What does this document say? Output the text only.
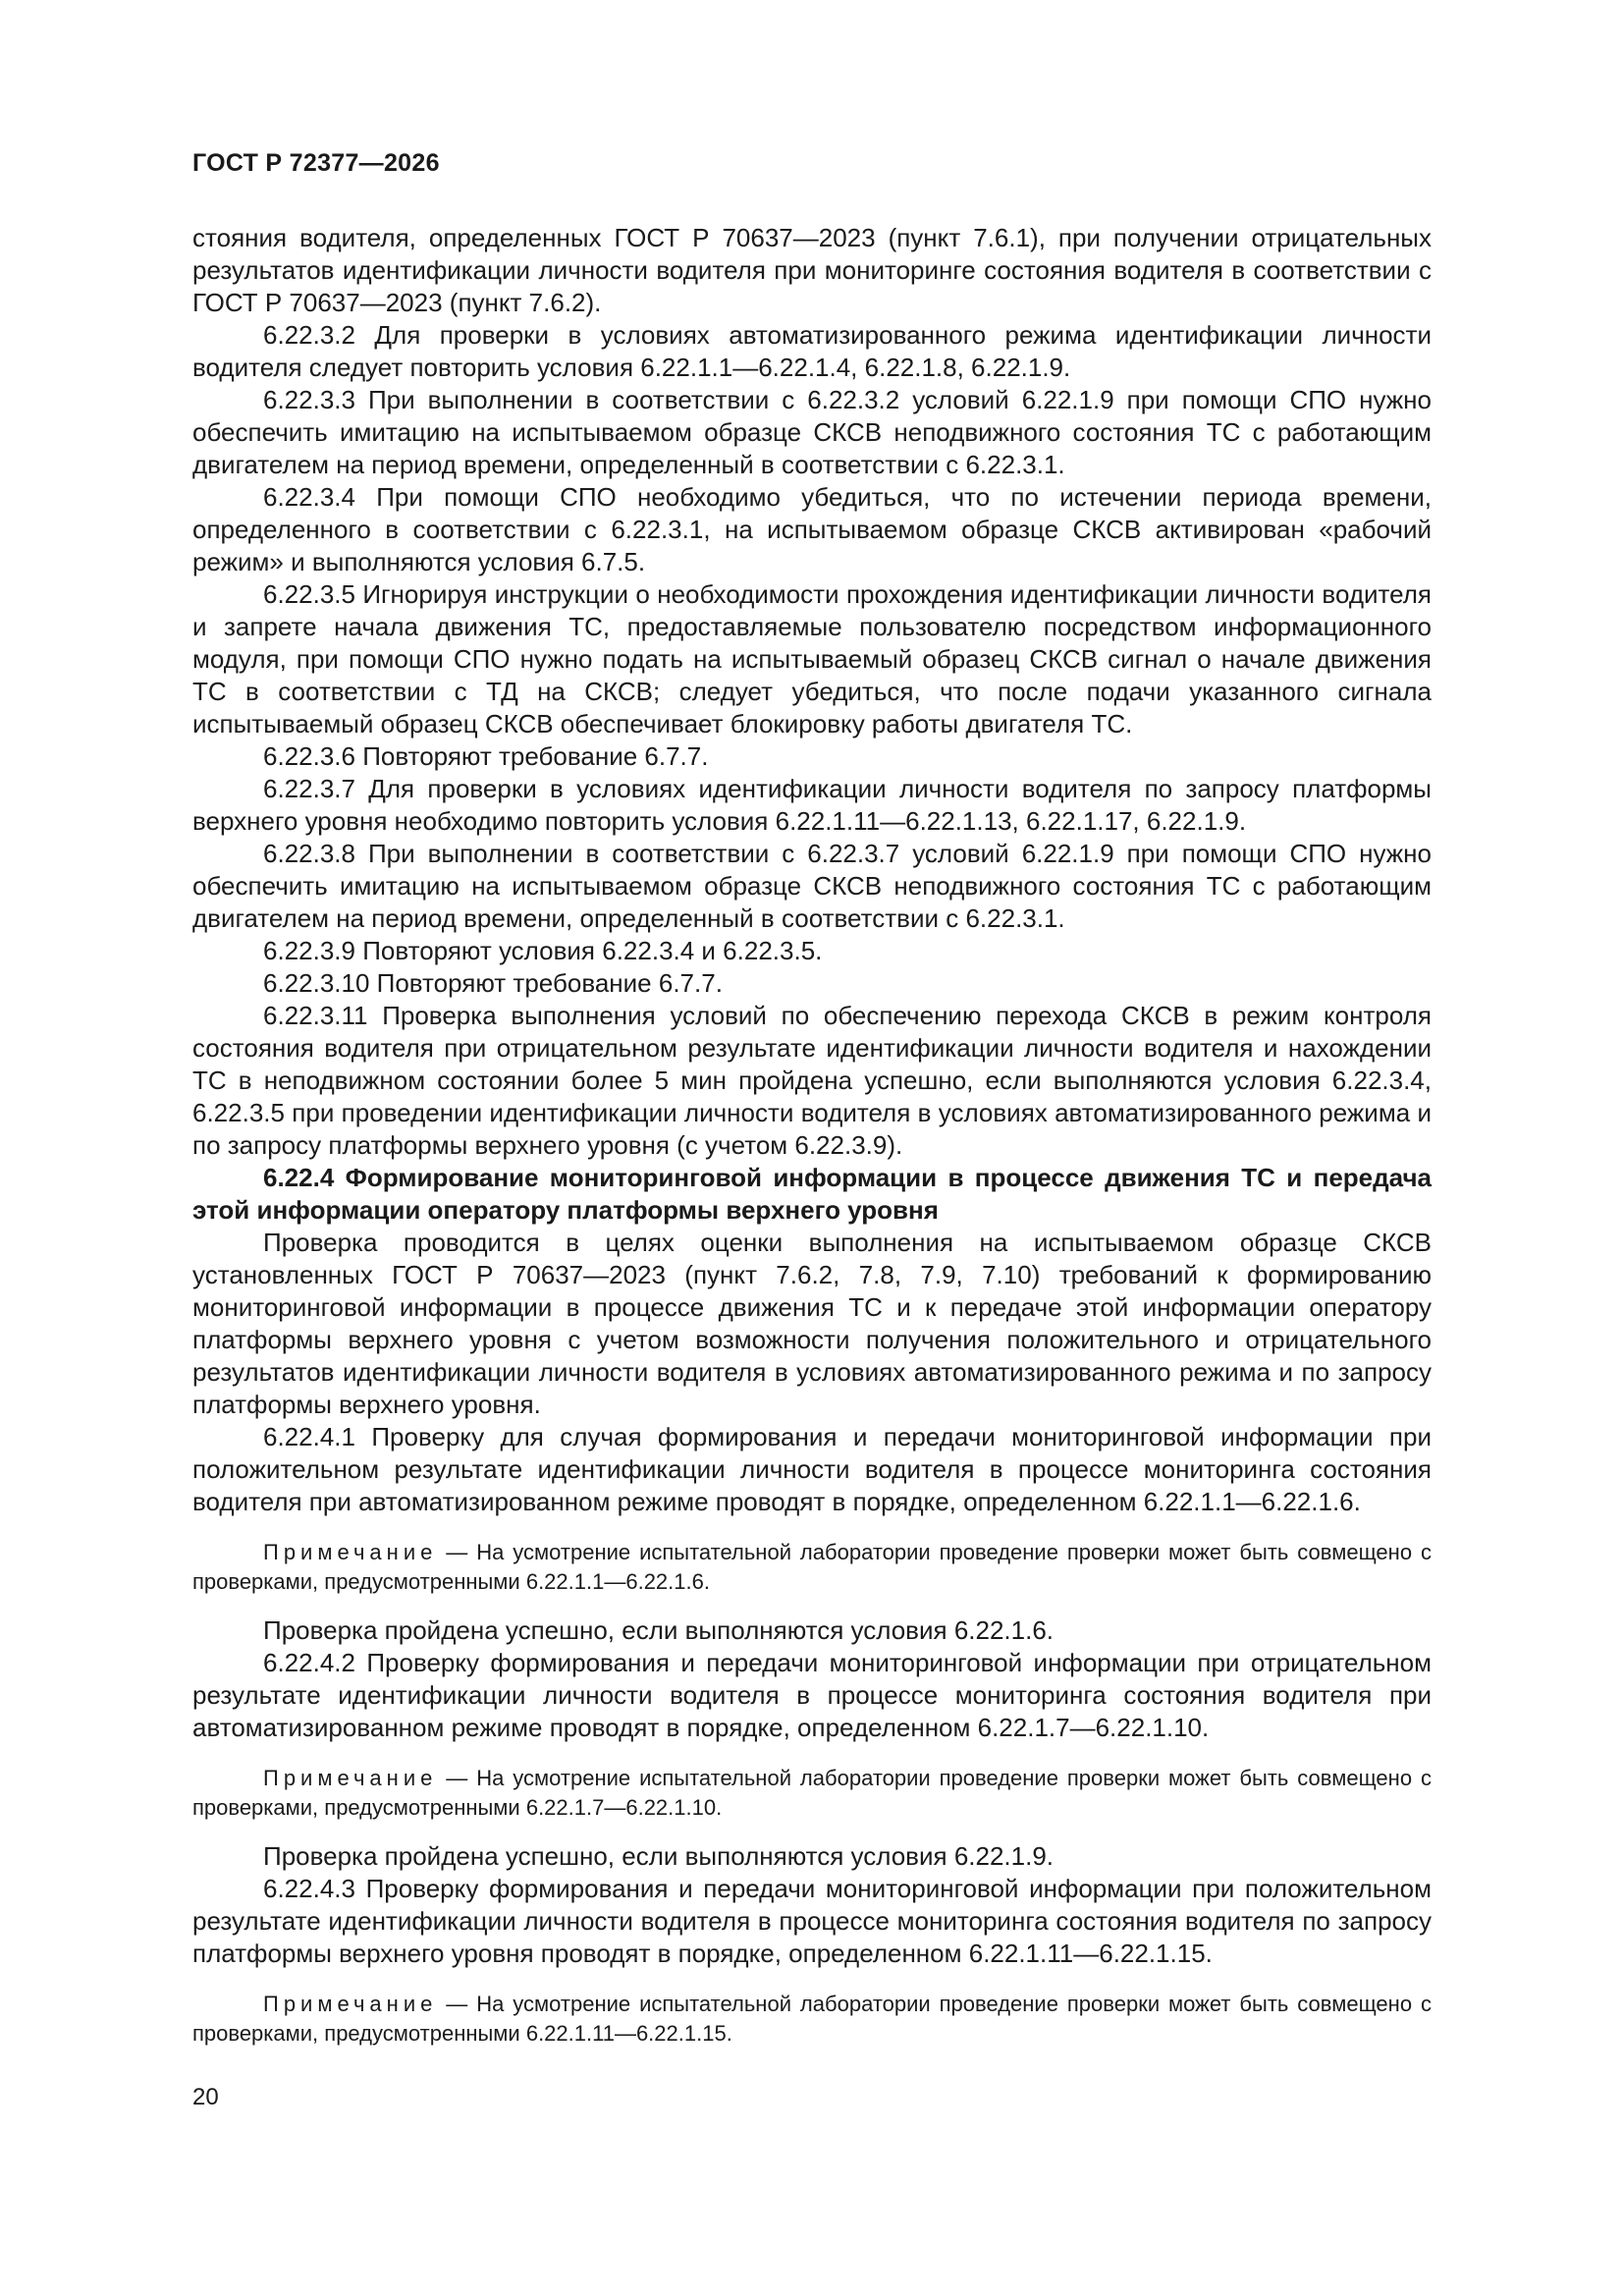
ГОСТ Р 72377—2026

стояния водителя, определенных ГОСТ Р 70637—2023 (пункт 7.6.1), при получении отрицательных результатов идентификации личности водителя при мониторинге состояния водителя в соответствии с ГОСТ Р 70637—2023 (пункт 7.6.2).

6.22.3.2 Для проверки в условиях автоматизированного режима идентификации личности водителя следует повторить условия 6.22.1.1—6.22.1.4, 6.22.1.8, 6.22.1.9.

6.22.3.3 При выполнении в соответствии с 6.22.3.2 условий 6.22.1.9 при помощи СПО нужно обеспечить имитацию на испытываемом образце СКСВ неподвижного состояния ТС с работающим двигателем на период времени, определенный в соответствии с 6.22.3.1.

6.22.3.4 При помощи СПО необходимо убедиться, что по истечении периода времени, определенного в соответствии с 6.22.3.1, на испытываемом образце СКСВ активирован «рабочий режим» и выполняются условия 6.7.5.

6.22.3.5 Игнорируя инструкции о необходимости прохождения идентификации личности водителя и запрете начала движения ТС, предоставляемые пользователю посредством информационного модуля, при помощи СПО нужно подать на испытываемый образец СКСВ сигнал о начале движения ТС в соответствии с ТД на СКСВ; следует убедиться, что после подачи указанного сигнала испытываемый образец СКСВ обеспечивает блокировку работы двигателя ТС.

6.22.3.6 Повторяют требование 6.7.7.

6.22.3.7 Для проверки в условиях идентификации личности водителя по запросу платформы верхнего уровня необходимо повторить условия 6.22.1.11—6.22.1.13, 6.22.1.17, 6.22.1.9.

6.22.3.8 При выполнении в соответствии с 6.22.3.7 условий 6.22.1.9 при помощи СПО нужно обеспечить имитацию на испытываемом образце СКСВ неподвижного состояния ТС с работающим двигателем на период времени, определенный в соответствии с 6.22.3.1.

6.22.3.9 Повторяют условия 6.22.3.4 и 6.22.3.5.

6.22.3.10 Повторяют требование 6.7.7.

6.22.3.11 Проверка выполнения условий по обеспечению перехода СКСВ в режим контроля состояния водителя при отрицательном результате идентификации личности водителя и нахождении ТС в неподвижном состоянии более 5 мин пройдена успешно, если выполняются условия 6.22.3.4, 6.22.3.5 при проведении идентификации личности водителя в условиях автоматизированного режима и по запросу платформы верхнего уровня (с учетом 6.22.3.9).

6.22.4 Формирование мониторинговой информации в процессе движения ТС и передача этой информации оператору платформы верхнего уровня

Проверка проводится в целях оценки выполнения на испытываемом образце СКСВ установленных ГОСТ Р 70637—2023 (пункт 7.6.2, 7.8, 7.9, 7.10) требований к формированию мониторинговой информации в процессе движения ТС и к передаче этой информации оператору платформы верхнего уровня с учетом возможности получения положительного и отрицательного результатов идентификации личности водителя в условиях автоматизированного режима и по запросу платформы верхнего уровня.

6.22.4.1 Проверку для случая формирования и передачи мониторинговой информации при положительном результате идентификации личности водителя в процессе мониторинга состояния водителя при автоматизированном режиме проводят в порядке, определенном 6.22.1.1—6.22.1.6.

Примечание — На усмотрение испытательной лаборатории проведение проверки может быть совмещено с проверками, предусмотренными 6.22.1.1—6.22.1.6.

Проверка пройдена успешно, если выполняются условия 6.22.1.6.

6.22.4.2 Проверку формирования и передачи мониторинговой информации при отрицательном результате идентификации личности водителя в процессе мониторинга состояния водителя при автоматизированном режиме проводят в порядке, определенном 6.22.1.7—6.22.1.10.

Примечание — На усмотрение испытательной лаборатории проведение проверки может быть совмещено с проверками, предусмотренными 6.22.1.7—6.22.1.10.

Проверка пройдена успешно, если выполняются условия 6.22.1.9.

6.22.4.3 Проверку формирования и передачи мониторинговой информации при положительном результате идентификации личности водителя в процессе мониторинга состояния водителя по запросу платформы верхнего уровня проводят в порядке, определенном 6.22.1.11—6.22.1.15.

Примечание — На усмотрение испытательной лаборатории проведение проверки может быть совмещено с проверками, предусмотренными 6.22.1.11—6.22.1.15.

20
